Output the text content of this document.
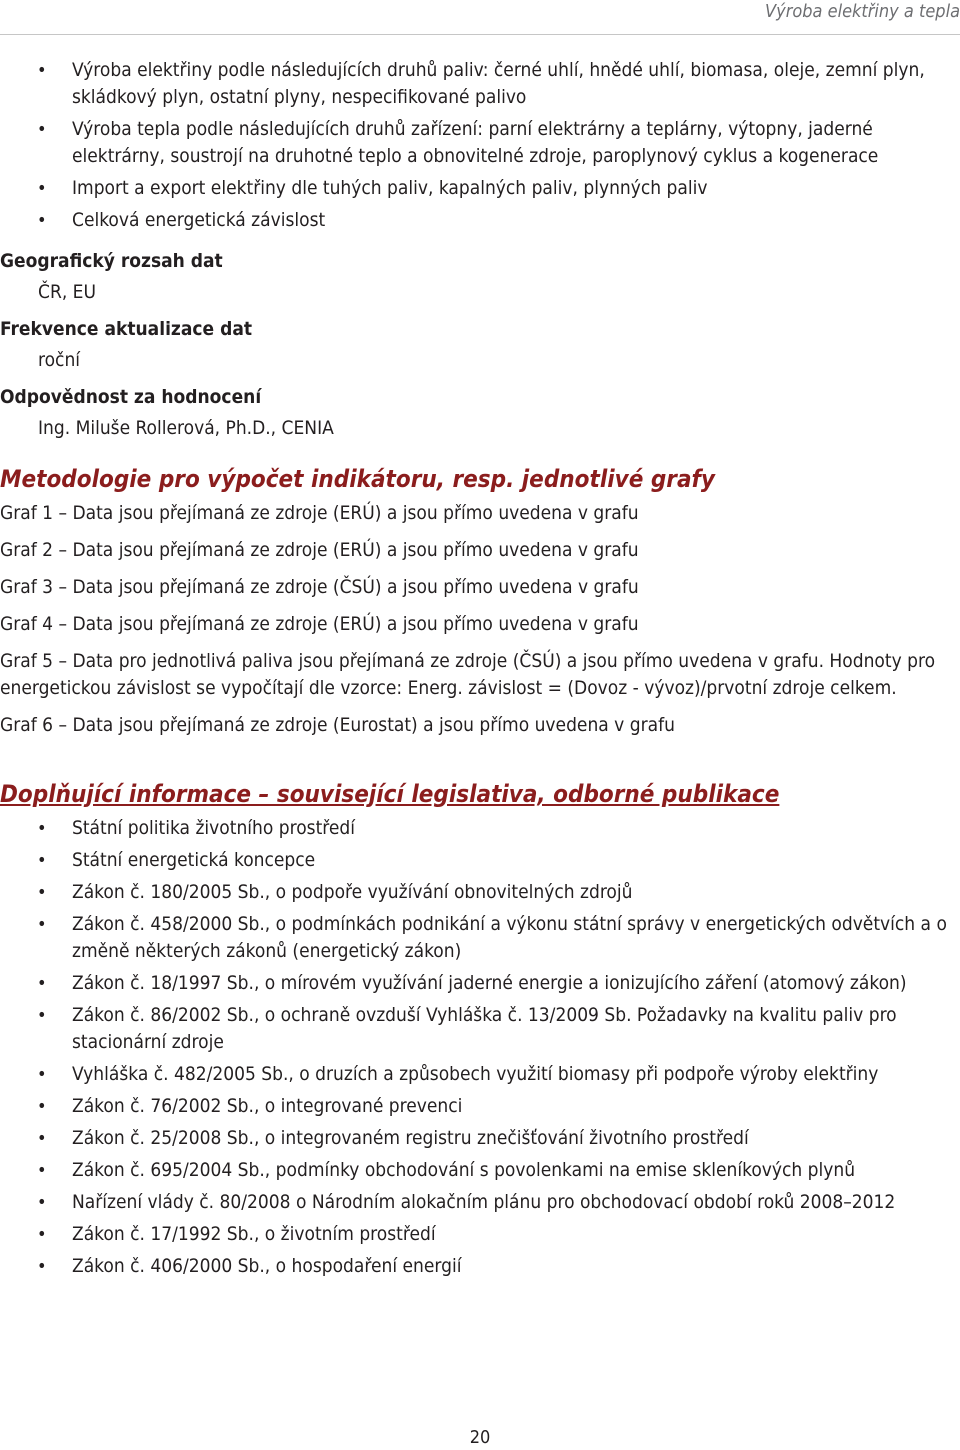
Výroba elektřiny a tepla
• Výroba elektřiny podle následujících druhů paliv: černé uhlí, hnědé uhlí, biomasa, oleje, zemní plyn, skládkový plyn, ostatní plyny, nespecifikované palivo
• Výroba tepla podle následujících druhů zařízení: parní elektrárny a teplárny, výtopny, jaderné elektrárny, soustrojí na druhotné teplo a obnovitelné zdroje, paroplynový cyklus a kogenerace
• Import a export elektřiny dle tuhých paliv, kapalných paliv, plynných paliv
• Celková energetická závislost
Geografický rozsah dat
ČR, EU
Frekvence aktualizace dat
roční
Odpovědnost za hodnocení
Ing. Miluše Rollerová, Ph.D., CENIA
Metodologie pro výpočet indikátoru, resp. jednotlivé grafy

Graf 1 – Data jsou přejímaná ze zdroje (ERÚ) a jsou přímo uvedena v grafu

Graf 2 – Data jsou přejímaná ze zdroje (ERÚ) a jsou přímo uvedena v grafu

Graf 3 – Data jsou přejímaná ze zdroje (ČSÚ) a jsou přímo uvedena v grafu

Graf 4 – Data jsou přejímaná ze zdroje (ERÚ) a jsou přímo uvedena v grafu

Graf 5 – Data pro jednotlivá paliva jsou přejímaná ze zdroje (ČSÚ) a jsou přímo uvedena v grafu. Hodnoty pro energetickou závislost se vypočítají dle vzorce: Energ. závislost = (Dovoz - vývoz)/prvotní zdroje celkem.

Graf 6 – Data jsou přejímaná ze zdroje (Eurostat) a jsou přímo uvedena v grafu

Doplňující informace – související legislativa, odborné publikace
• Státní politika životního prostředí
• Státní energetická koncepce
• Zákon č. 180/2005 Sb., o podpoře využívání obnovitelných zdrojů
• Zákon č. 458/2000 Sb., o podmínkách podnikání a výkonu státní správy v energetických odvětvích a o změně některých zákonů (energetický zákon)
• Zákon č. 18/1997 Sb., o mírovém využívání jaderné energie a ionizujícího záření (atomový zákon)
• Zákon č. 86/2002 Sb., o ochraně ovzduší Vyhláška č. 13/2009 Sb. Požadavky na kvalitu paliv pro stacionární zdroje
• Vyhláška č. 482/2005 Sb., o druzích a způsobech využití biomasy při podpoře výroby elektřiny
• Zákon č. 76/2002 Sb., o integrované prevenci
• Zákon č. 25/2008 Sb., o integrovaném registru znečišťování životního prostředí
• Zákon č. 695/2004 Sb., podmínky obchodování s povolenkami na emise skleníkových plynů
• Nařízení vlády č. 80/2008 o Národním alokačním plánu pro obchodovací období roků 2008–2012
• Zákon č. 17/1992 Sb., o životním prostředí
• Zákon č. 406/2000 Sb., o hospodaření energií
20
